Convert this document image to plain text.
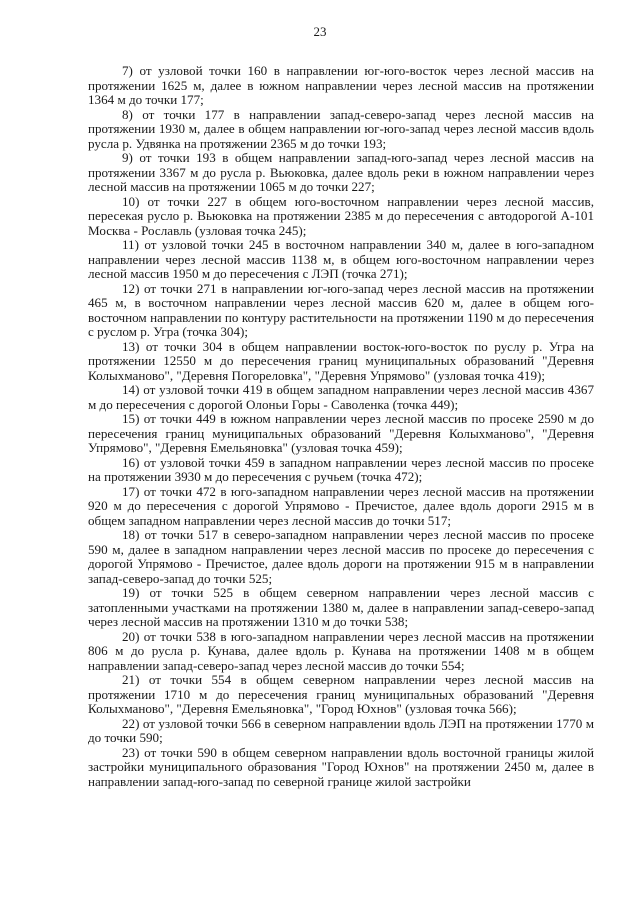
23

7) от узловой точки 160 в направлении юг-юго-восток через лесной массив на протяжении 1625 м, далее в южном направлении через лесной массив на протяжении 1364 м до точки 177;

8) от точки 177 в направлении запад-северо-запад через лесной массив на протяжении 1930 м, далее в общем направлении юг-юго-запад через лесной массив вдоль русла р. Удвянка на протяжении 2365 м до точки 193;

9) от точки 193 в общем направлении запад-юго-запад через лесной массив на протяжении 3367 м до русла р. Вьюковка, далее вдоль реки в южном направлении через лесной массив на протяжении 1065 м до точки 227;

10) от точки 227 в общем юго-восточном направлении через лесной массив, пересекая русло р. Вьюковка на протяжении 2385 м до пересечения с автодорогой А-101 Москва - Рославль (узловая точка 245);

11) от узловой точки 245 в восточном направлении 340 м, далее в юго-западном направлении через лесной массив 1138 м, в общем юго-восточном направлении через лесной массив 1950 м до пересечения с ЛЭП (точка 271);

12) от точки 271 в направлении юг-юго-запад через лесной массив на протяжении 465 м, в восточном направлении через лесной массив 620 м, далее в общем юго-восточном направлении по контуру растительности на протяжении 1190 м до пересечения с руслом р. Угра (точка 304);

13) от точки 304 в общем направлении восток-юго-восток по руслу р. Угра на протяжении 12550 м до пересечения границ муниципальных образований "Деревня Колыхманово", "Деревня Погореловка", "Деревня Упрямово" (узловая точка 419);

14) от узловой точки 419 в общем западном направлении через лесной массив 4367 м до пересечения с дорогой Олоньи Горы - Саволенка (точка 449);

15) от точки 449 в южном направлении через лесной массив по просеке 2590 м до пересечения границ муниципальных образований "Деревня Колыхманово", "Деревня Упрямово", "Деревня Емельяновка" (узловая точка 459);

16) от узловой точки 459 в западном направлении через лесной массив по просеке на протяжении 3930 м до пересечения с ручьем (точка 472);

17) от точки 472 в юго-западном направлении через лесной массив на протяжении 920 м до пересечения с дорогой Упрямово - Пречистое, далее вдоль дороги 2915 м в общем западном направлении через лесной массив до точки 517;

18) от точки 517 в северо-западном направлении через лесной массив по просеке 590 м, далее в западном направлении через лесной массив по просеке до пересечения с дорогой Упрямово - Пречистое, далее вдоль дороги на протяжении 915 м в направлении запад-северо-запад до точки 525;

19) от точки 525 в общем северном направлении через лесной массив с затопленными участками на протяжении 1380 м, далее в направлении запад-северо-запад через лесной массив на протяжении 1310 м до точки 538;

20) от точки 538 в юго-западном направлении через лесной массив на протяжении 806 м до русла р. Кунава, далее вдоль р. Кунава на протяжении 1408 м в общем направлении запад-северо-запад через лесной массив до точки 554;

21) от точки 554 в общем северном направлении через лесной массив на протяжении 1710 м до пересечения границ муниципальных образований "Деревня Колыхманово", "Деревня Емельяновка", "Город Юхнов" (узловая точка 566);

22) от узловой точки 566 в северном направлении вдоль ЛЭП на протяжении 1770 м до точки 590;

23) от точки 590 в общем северном направлении вдоль восточной границы жилой застройки муниципального образования "Город Юхнов" на протяжении 2450 м, далее в направлении запад-юго-запад по северной границе жилой застройки
